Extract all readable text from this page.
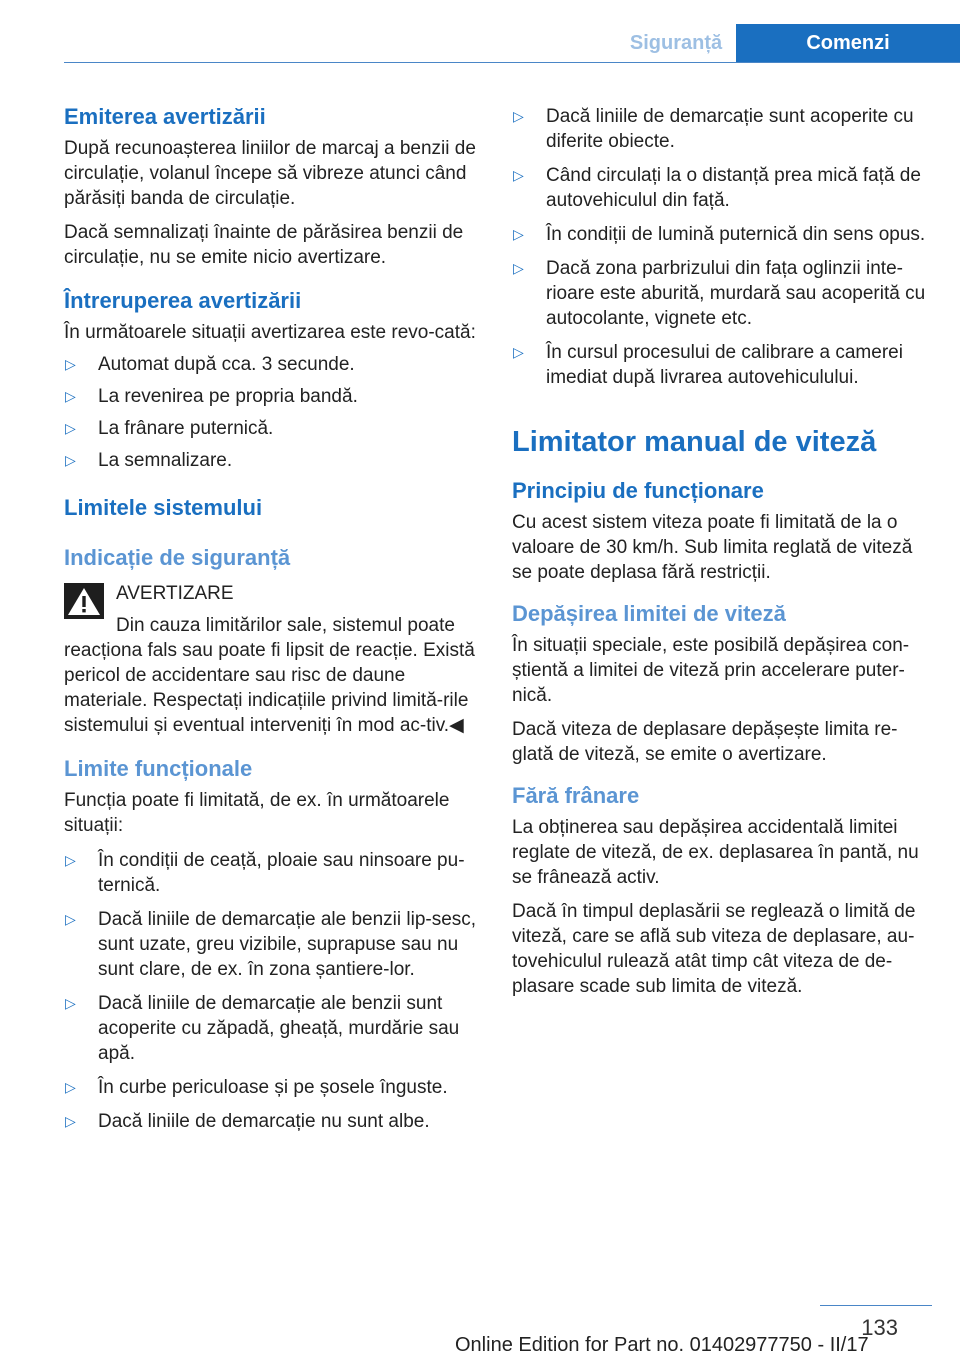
Siguranță	Comenzi
Emiterea avertizării

După recunoașterea liniilor de marcaj a benzii de circulație, volanul începe să vibreze atunci când părăsiți banda de circulație.

Dacă semnalizați înainte de părăsirea benzii de circulație, nu se emite nicio avertizare.

Întreruperea avertizării

În următoarele situații avertizarea este revo-cată:

▷ Automat după cca. 3 secunde.
▷ La revenirea pe propria bandă.
▷ La frânare puternică.
▷ La semnalizare.
Limitele sistemului
Indicație de siguranță

AVERTIZARE

Din cauza limitărilor sale, sistemul poate reacționa fals sau poate fi lipsit de reacție. Există pericol de accidentare sau risc de daune materiale. Respectați indicațiile privind limită-rile sistemului și eventual interveniți în mod ac-tiv.◀

Limite funcționale

Funcția poate fi limitată, de ex. în următoarele situații:

▷ În condiții de ceață, ploaie sau ninsoare pu-ternică.
▷ Dacă liniile de demarcație ale benzii lip-sesc, sunt uzate, greu vizibile, suprapuse sau nu sunt clare, de ex. în zona șantiere-lor.
▷ Dacă liniile de demarcație ale benzii sunt acoperite cu zăpadă, gheață, murdărie sau apă.
▷ În curbe periculoase și pe șosele înguste.
▷ Dacă liniile de demarcație nu sunt albe.
▷ Dacă liniile de demarcație sunt acoperite cu diferite obiecte.
▷ Când circulați la o distanță prea mică față de autovehiculul din față.
▷ În condiții de lumină puternică din sens opus.
▷ Dacă zona parbrizului din fața oglinzii inte-rioare este aburită, murdară sau acoperită cu autocolante, vignete etc.
▷ În cursul procesului de calibrare a camerei imediat după livrarea autovehiculului.
Limitator manual de viteză
Principiu de funcționare

Cu acest sistem viteza poate fi limitată de la o valoare de 30 km/h. Sub limita reglată de viteză se poate deplasa fără restricții.

Depășirea limitei de viteză

În situații speciale, este posibilă depășirea con-știentă a limitei de viteză prin accelerare puter-nică.

Dacă viteza de deplasare depășește limita re-glată de viteză, se emite o avertizare.

Fără frânare

La obținerea sau depășirea accidentală limitei reglate de viteză, de ex. deplasarea în pantă, nu se frânează activ.

Dacă în timpul deplasării se reglează o limită de viteză, care se află sub viteza de deplasare, au-tovehiculul rulează atât timp cât viteza de de-plasare scade sub limita de viteză.

133
Online Edition for Part no. 01402977750 - II/17
